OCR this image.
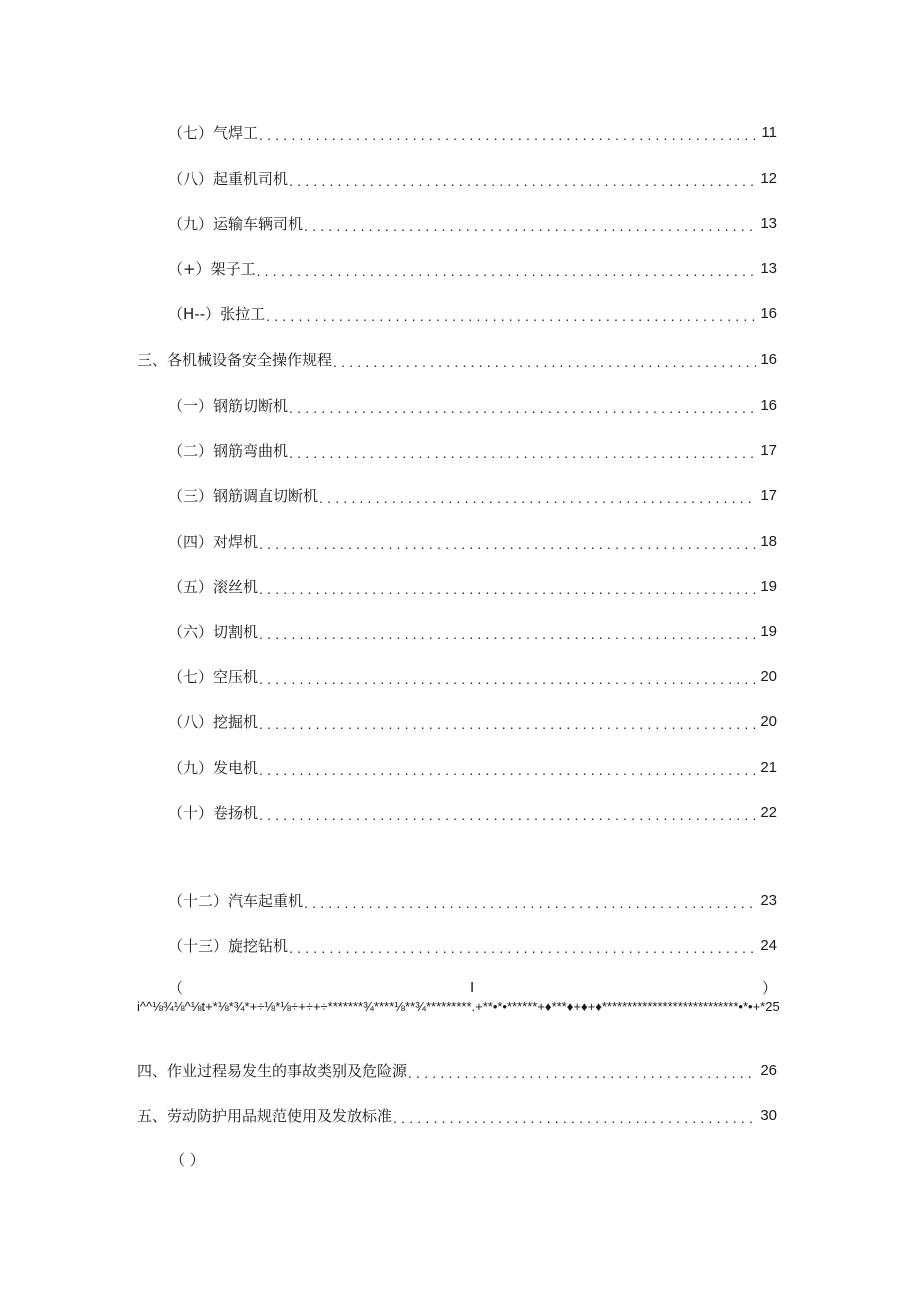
（七）气焊工 .....	11
（八）起重机司机 .....	12
（九）运输车辆司机 .....	13
（+）架子工 .....	13
（H--）张拉工 .....	16
三、各机械设备安全操作规程 .....	16
（一）钢筋切断机 .....	16
（二）钢筋弯曲机 .....	17
（三）钢筋调直切断机 .....	17
（四）对焊机 .....	18
（五）滚丝机 .....	19
（六）切割机 .....	19
（七）空压机 .....	20
（八）挖掘机 .....	20
（九）发电机 .....	21
（十）卷扬机 .....	22
（十二）汽车起重机 .....	23
（十三）旋挖钻机 .....	24
（	I	）
i^^⅛¾⅛^⅛t+*⅛*¾*+÷⅛*⅛÷+÷+÷*******¾****⅛**¾*********.+**•*•******+♦***♦+♦+♦***************************•*•+*25
四、作业过程易发生的事故类别及危险源 .....	26
五、劳动防护用品规范使用及发放标准 .....	30
（ ）
